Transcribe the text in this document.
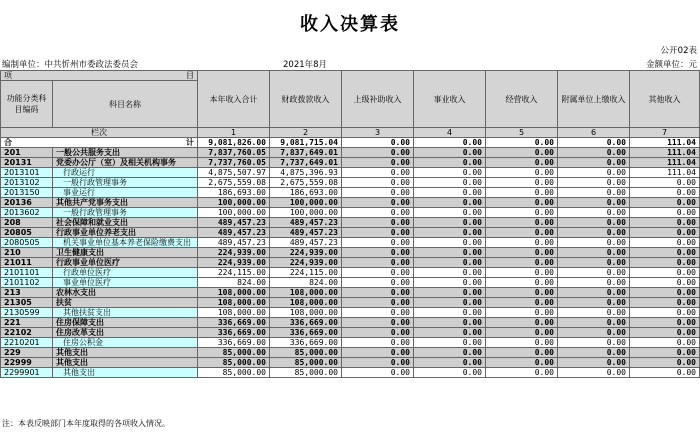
收入决算表
公开02表
编制单位：中共忻州市委政法委员会	2021年8月	金额单位：元
项 目		本年收入合计	财政拨款收入	上级补助收入	事业收入	经营收入	附属单位上缴收入	其他收入
功能分类科目编码	科目名称							
栏次		1	2	3	4	5	6	7
合 计		9,081,826.00	9,081,715.04	0.00	0.00	0.00	0.00	111.04
201	一般公共服务支出	7,837,760.05	7,837,649.01	0.00	0.00	0.00	0.00	111.04
20131	党委办公厅（室）及相关机构事务	7,737,760.05	7,737,649.01	0.00	0.00	0.00	0.00	111.04
2013101	行政运行	4,875,507.97	4,875,396.93	0.00	0.00	0.00	0.00	111.04
2013102	一般行政管理事务	2,675,559.08	2,675,559.08	0.00	0.00	0.00	0.00	0.00
2013150	事业运行	186,693.00	186,693.00	0.00	0.00	0.00	0.00	0.00
20136	其他共产党事务支出	100,000.00	100,000.00	0.00	0.00	0.00	0.00	0.00
2013602	一般行政管理事务	100,000.00	100,000.00	0.00	0.00	0.00	0.00	0.00
208	社会保障和就业支出	489,457.23	489,457.23	0.00	0.00	0.00	0.00	0.00
20805	行政事业单位养老支出	489,457.23	489,457.23	0.00	0.00	0.00	0.00	0.00
2080505	机关事业单位基本养老保险缴费支出	489,457.23	489,457.23	0.00	0.00	0.00	0.00	0.00
210	卫生健康支出	224,939.00	224,939.00	0.00	0.00	0.00	0.00	0.00
21011	行政事业单位医疗	224,939.00	224,939.00	0.00	0.00	0.00	0.00	0.00
2101101	行政单位医疗	224,115.00	224,115.00	0.00	0.00	0.00	0.00	0.00
2101102	事业单位医疗	824.00	824.00	0.00	0.00	0.00	0.00	0.00
213	农林水支出	108,000.00	108,000.00	0.00	0.00	0.00	0.00	0.00
21305	扶贫	108,000.00	108,000.00	0.00	0.00	0.00	0.00	0.00
2130599	其他扶贫支出	108,000.00	108,000.00	0.00	0.00	0.00	0.00	0.00
221	住房保障支出	336,669.00	336,669.00	0.00	0.00	0.00	0.00	0.00
22102	住房改革支出	336,669.00	336,669.00	0.00	0.00	0.00	0.00	0.00
2210201	住房公积金	336,669.00	336,669.00	0.00	0.00	0.00	0.00	0.00
229	其他支出	85,000.00	85,000.00	0.00	0.00	0.00	0.00	0.00
22999	其他支出	85,000.00	85,000.00	0.00	0.00	0.00	0.00	0.00
2299901	其他支出	85,000.00	85,000.00	0.00	0.00	0.00	0.00	0.00
注：本表反映部门本年度取得的各项收入情况。
